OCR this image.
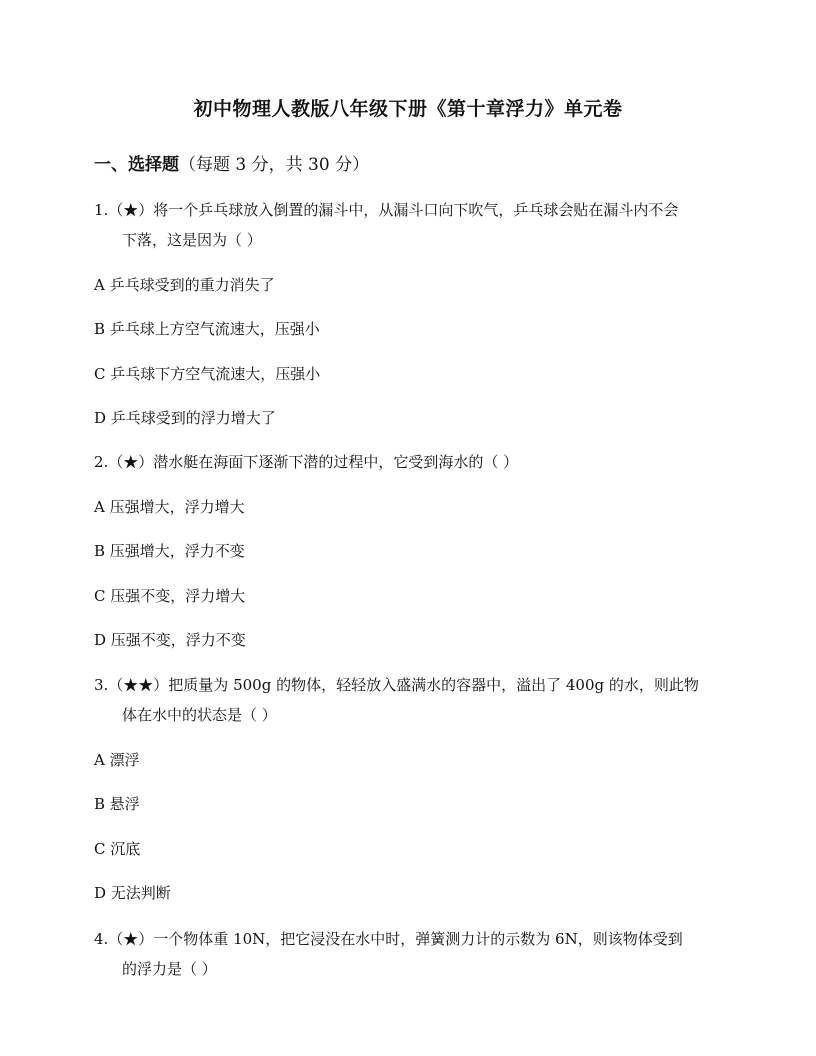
初中物理人教版八年级下册《第十章浮力》单元卷
一、选择题（每题 3 分，共 30 分）
1.（★）将一个乒乓球放入倒置的漏斗中，从漏斗口向下吹气，乒乓球会贴在漏斗内不会
下落，这是因为（ ）
A 乒乓球受到的重力消失了
B 乒乓球上方空气流速大，压强小
C 乒乓球下方空气流速大，压强小
D 乒乓球受到的浮力增大了
2.（★）潜水艇在海面下逐渐下潜的过程中，它受到海水的（ ）
A 压强增大，浮力增大
B 压强增大，浮力不变
C 压强不变，浮力增大
D 压强不变，浮力不变
3.（★★）把质量为 500g 的物体，轻轻放入盛满水的容器中，溢出了 400g 的水，则此物
体在水中的状态是（ ）
A 漂浮
B 悬浮
C 沉底
D 无法判断
4.（★）一个物体重 10N，把它浸没在水中时，弹簧测力计的示数为 6N，则该物体受到
的浮力是（ ）
